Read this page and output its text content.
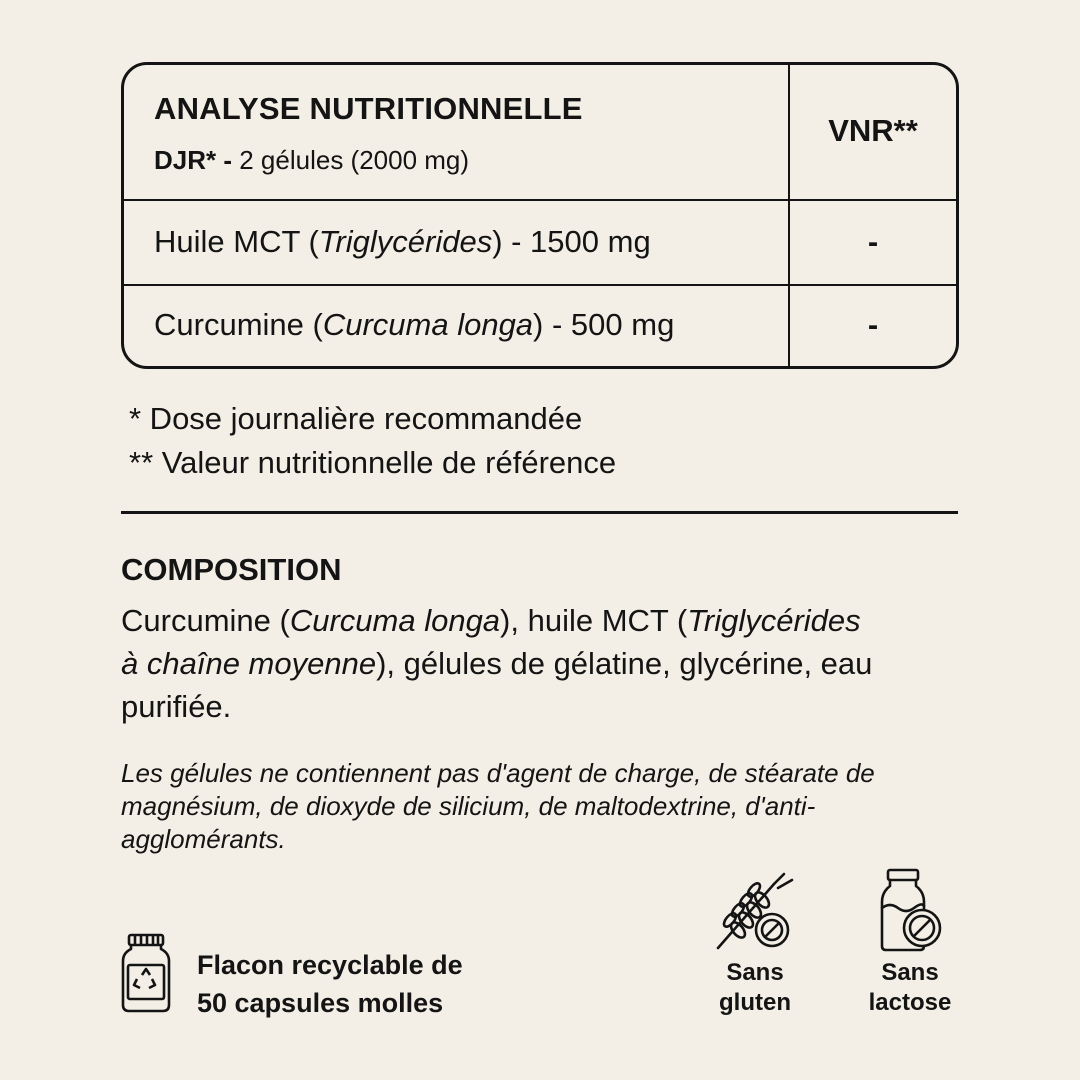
ANALYSE NUTRITIONNELLE
DJR* - 2 gélules (2000 mg)
VNR**
Huile MCT (Triglycérides) - 1500 mg	-
Curcumine (Curcuma longa) - 500 mg	-
* Dose journalière recommandée
** Valeur nutritionnelle de référence
COMPOSITION
Curcumine (Curcuma longa), huile MCT (Triglycérides à chaîne moyenne), gélules de gélatine, glycérine, eau purifiée.
Les gélules ne contiennent pas d'agent de charge, de stéarate de magnésium, de dioxyde de silicium, de maltodextrine, d'anti-agglomérants.
Flacon recyclable de
50 capsules molles
Sans
gluten
Sans
lactose
